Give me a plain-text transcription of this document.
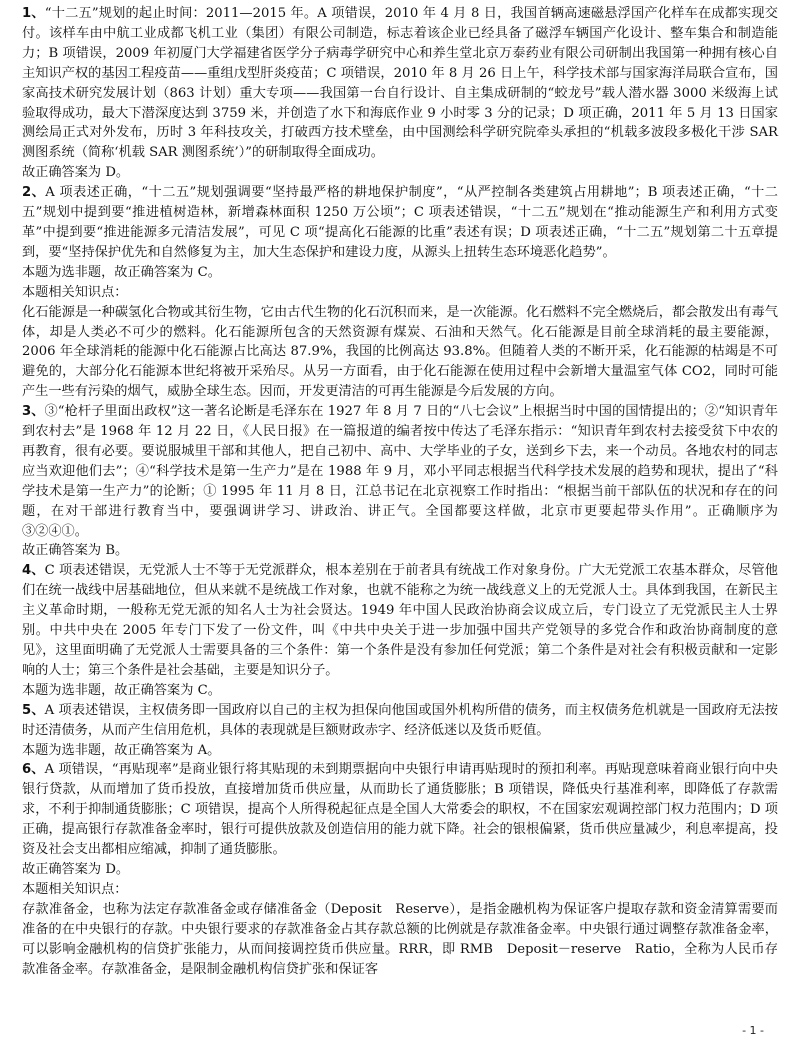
1、“十二五”规划的起止时间：2011—2015 年。A 项错误，2010 年 4 月 8 日，我国首辆高速磁悬浮国产化样车在成都实现交付。该样车由中航工业成都飞机工业（集团）有限公司制造，标志着该企业已经具备了磁浮车辆国产化设计、整车集合和制造能力；B 项错误，2009 年初厦门大学福建省医学分子病毒学研究中心和养生堂北京万泰药业有限公司研制出我国第一种拥有核心自主知识产权的基因工程疫苗——重组戊型肝炎疫苗；C 项错误，2010 年 8 月 26 日上午，科学技术部与国家海洋局联合宣布，国家高技术研究发展计划（863 计划）重大专项——我国第一台自行设计、自主集成研制的“蛟龙号”载人潜水器 3000 米级海上试验取得成功，最大下潜深度达到 3759 米，并创造了水下和海底作业 9 小时零 3 分的记录；D 项正确，2011 年 5 月 13 日国家测绘局正式对外发布，历时 3 年科技攻关，打破西方技术壁垒，由中国测绘科学研究院牵头承担的“机载多波段多极化干涉 SAR 测图系统（简称‘机载 SAR 测图系统’）”的研制取得全面成功。

故正确答案为 D。

2、A 项表述正确，“十二五”规划强调要“坚持最严格的耕地保护制度”，“从严控制各类建筑占用耕地”；B 项表述正确，“十二五”规划中提到要“推进植树造林，新增森林面积 1250 万公顷”；C 项表述错误，“十二五”规划在“推动能源生产和利用方式变革”中提到要“推进能源多元清洁发展”，可见 C 项“提高化石能源的比重”表述有误；D 项表述正确，“十二五”规划第二十五章提到，要“坚持保护优先和自然修复为主，加大生态保护和建设力度，从源头上扭转生态环境恶化趋势”。

本题为选非题，故正确答案为 C。

本题相关知识点：

化石能源是一种碳氢化合物或其衍生物，它由古代生物的化石沉积而来，是一次能源。化石燃料不完全燃烧后，都会散发出有毒气体，却是人类必不可少的燃料。化石能源所包含的天然资源有煤炭、石油和天然气。化石能源是目前全球消耗的最主要能源，2006 年全球消耗的能源中化石能源占比高达 87.9%，我国的比例高达 93.8%。但随着人类的不断开采，化石能源的枯竭是不可避免的，大部分化石能源本世纪将被开采殆尽。从另一方面看，由于化石能源在使用过程中会新增大量温室气体 CO2，同时可能产生一些有污染的烟气，威胁全球生态。因而，开发更清洁的可再生能源是今后发展的方向。

3、③“枪杆子里面出政权”这一著名论断是毛泽东在 1927 年 8 月 7 日的“八七会议”上根据当时中国的国情提出的；②“知识青年到农村去”是 1968 年 12 月 22 日，《人民日报》在一篇报道的编者按中传达了毛泽东指示：“知识青年到农村去接受贫下中农的再教育，很有必要。要说服城里干部和其他人，把自己初中、高中、大学毕业的子女，送到乡下去，来一个动员。各地农村的同志应当欢迎他们去”；④“科学技术是第一生产力”是在 1988 年 9 月，邓小平同志根据当代科学技术发展的趋势和现状，提出了“科学技术是第一生产力”的论断；① 1995 年 11 月 8 日，江总书记在北京视察工作时指出：“根据当前干部队伍的状况和存在的问题，在对干部进行教育当中，要强调讲学习、讲政治、讲正气。全国都要这样做，北京市更要起带头作用”。正确顺序为③②④①。

故正确答案为 B。

4、C 项表述错误，无党派人士不等于无党派群众，根本差别在于前者具有统战工作对象身份。广大无党派工农基本群众，尽管他们在统一战线中居基础地位，但从来就不是统战工作对象，也就不能称之为统一战线意义上的无党派人士。具体到我国，在新民主主义革命时期，一般称无党无派的知名人士为社会贤达。1949 年中国人民政治协商会议成立后，专门设立了无党派民主人士界别。中共中央在 2005 年专门下发了一份文件，叫《中共中央关于进一步加强中国共产党领导的多党合作和政治协商制度的意见》，这里面明确了无党派人士需要具备的三个条件：第一个条件是没有参加任何党派；第二个条件是对社会有积极贡献和一定影响的人士；第三个条件是社会基础，主要是知识分子。

本题为选非题，故正确答案为 C。

5、A 项表述错误，主权债务即一国政府以自己的主权为担保向他国或国外机构所借的债务，而主权债务危机就是一国政府无法按时还清债务，从而产生信用危机，具体的表现就是巨额财政赤字、经济低迷以及货币贬值。

本题为选非题，故正确答案为 A。

6、A 项错误，“再贴现率”是商业银行将其贴现的未到期票据向中央银行申请再贴现时的预扣利率。再贴现意味着商业银行向中央银行贷款，从而增加了货币投放，直接增加货币供应量，从而助长了通货膨胀；B 项错误，降低央行基准利率，即降低了存款需求，不利于抑制通货膨胀；C 项错误，提高个人所得税起征点是全国人大常委会的职权，不在国家宏观调控部门权力范围内；D 项正确，提高银行存款准备金率时，银行可提供放款及创造信用的能力就下降。社会的银根偏紧，货币供应量减少，利息率提高，投资及社会支出都相应缩减，抑制了通货膨胀。

故正确答案为 D。

本题相关知识点：

存款准备金，也称为法定存款准备金或存储准备金（Deposit　Reserve），是指金融机构为保证客户提取存款和资金清算需要而准备的在中央银行的存款。中央银行要求的存款准备金占其存款总额的比例就是存款准备金率。中央银行通过调整存款准备金率，可以影响金融机构的信贷扩张能力，从而间接调控货币供应量。RRR，即 RMB　Deposit－reserve　Ratio，全称为人民币存款准备金率。存款准备金，是限制金融机构信贷扩张和保证客

- 1 -
